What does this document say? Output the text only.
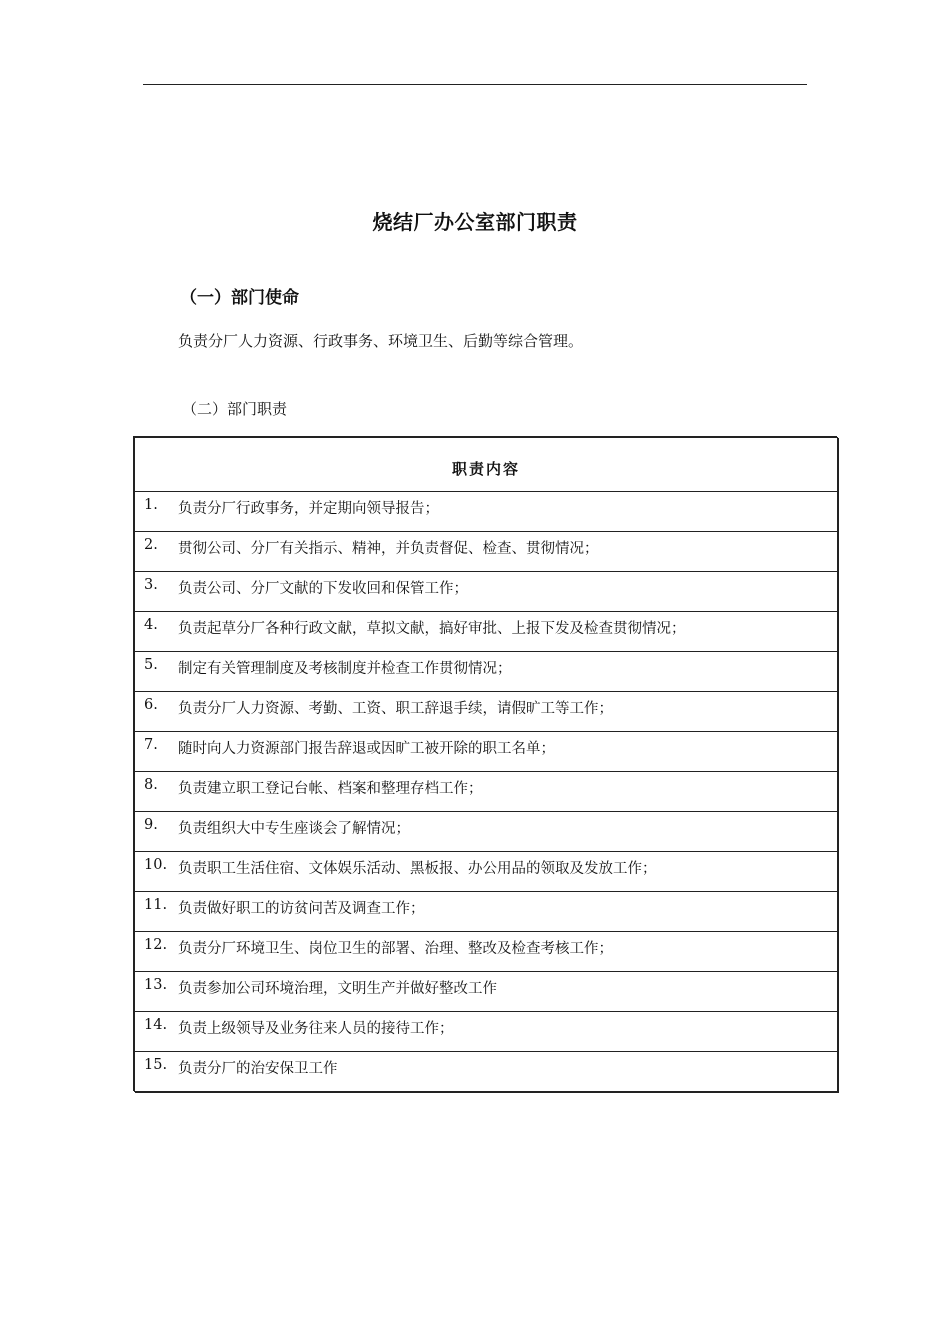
烧结厂办公室部门职责
（一）部门使命
负责分厂人力资源、行政事务、环境卫生、后勤等综合管理。
（二）部门职责
职责内容

1.	负责分厂行政事务，并定期向领导报告；

2.	贯彻公司、分厂有关指示、精神，并负责督促、检查、贯彻情况；

3.	负责公司、分厂文献的下发收回和保管工作；

4.	负责起草分厂各种行政文献，草拟文献，搞好审批、上报下发及检查贯彻情况；

5.	制定有关管理制度及考核制度并检查工作贯彻情况；

6.	负责分厂人力资源、考勤、工资、职工辞退手续，请假旷工等工作；

7.	随时向人力资源部门报告辞退或因旷工被开除的职工名单；

8.	负责建立职工登记台帐、档案和整理存档工作；

9.	负责组织大中专生座谈会了解情况；

10. 负责职工生活住宿、文体娱乐活动、黑板报、办公用品的领取及发放工作；

11. 负责做好职工的访贫问苦及调查工作；

12. 负责分厂环境卫生、岗位卫生的部署、治理、整改及检查考核工作；

13. 负责参加公司环境治理，文明生产并做好整改工作

14. 负责上级领导及业务往来人员的接待工作；

15. 负责分厂的治安保卫工作
